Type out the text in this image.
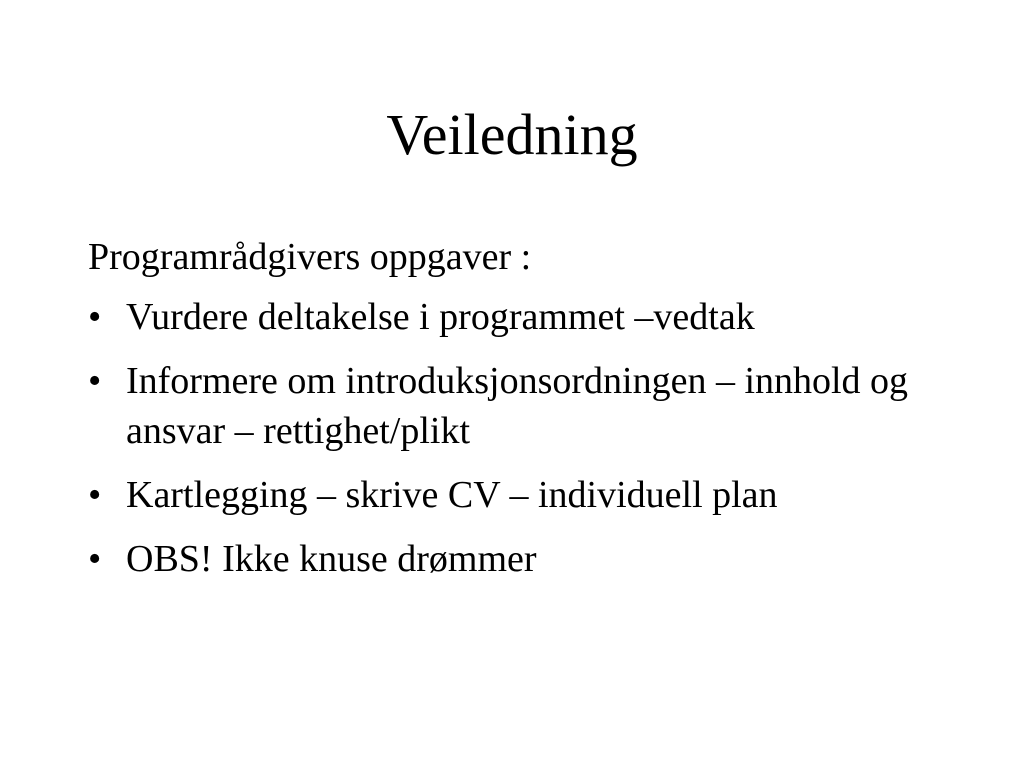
Veiledning

Programrådgivers oppgaver :

• Vurdere deltakelse i programmet –vedtak
• Informere om introduksjonsordningen – innhold og ansvar – rettighet/plikt
• Kartlegging – skrive CV – individuell plan
• OBS! Ikke knuse drømmer
